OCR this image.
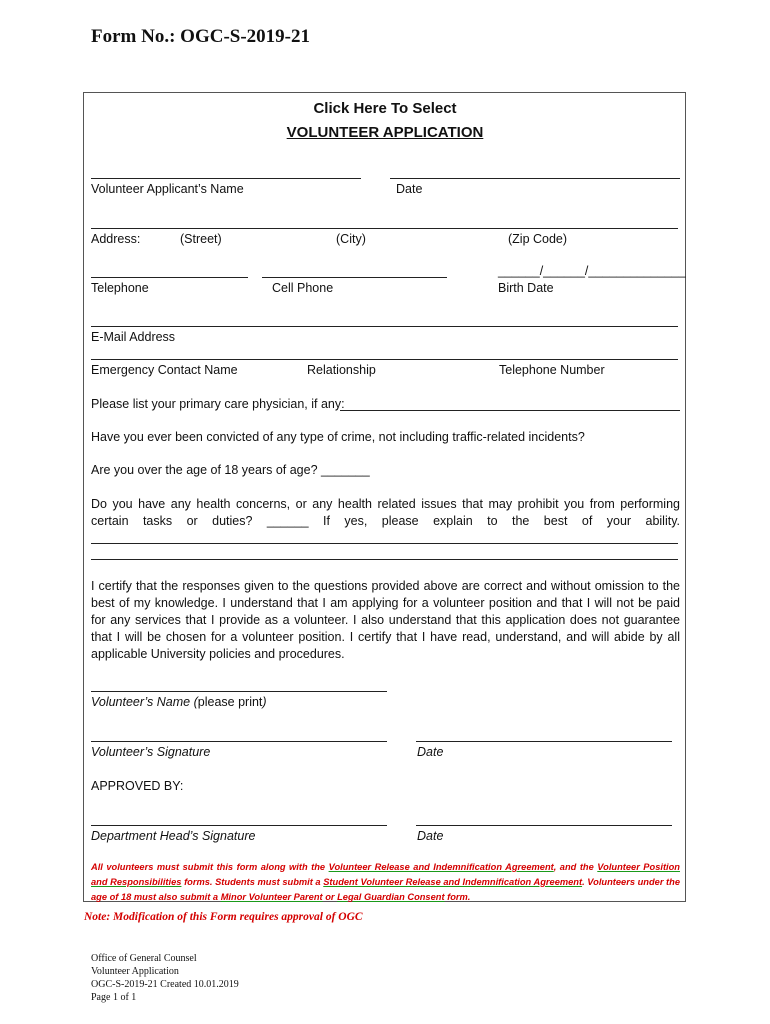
Form No.: OGC-S-2019-21
Click Here To Select
VOLUNTEER APPLICATION
Volunteer Applicant’s Name	Date
Address:	(Street)	(City)	(Zip Code)
______/______/______________
Telephone	Cell Phone	Birth Date
E-Mail Address
Emergency Contact Name	Relationship	Telephone Number
Please list your primary care physician, if any:
Have you ever been convicted of any type of crime, not including traffic-related incidents?
Are you over the age of 18 years of age? _______
Do you have any health concerns, or any health related issues that may prohibit you from performing certain tasks or duties? ______ If yes, please explain to the best of your ability.
I certify that the responses given to the questions provided above are correct and without omission to the best of my knowledge. I understand that I am applying for a volunteer position and that I will not be paid for any services that I provide as a volunteer. I also understand that this application does not guarantee that I will be chosen for a volunteer position. I certify that I have read, understand, and will abide by all applicable University policies and procedures.
Volunteer’s Name (please print)
Volunteer’s Signature	Date
APPROVED BY:
Department Head’s Signature	Date
All volunteers must submit this form along with the Volunteer Release and Indemnification Agreement, and the Volunteer Position and Responsibilities forms. Students must submit a Student Volunteer Release and Indemnification Agreement. Volunteers under the age of 18 must also submit a Minor Volunteer Parent or Legal Guardian Consent form.
Note: Modification of this Form requires approval of OGC
Office of General Counsel
Volunteer Application
OGC-S-2019-21 Created 10.01.2019
Page 1 of 1
